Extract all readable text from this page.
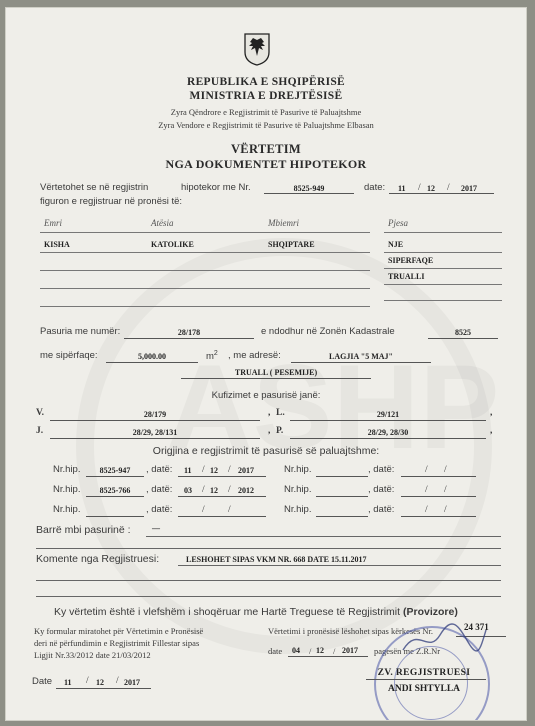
REPUBLIKA E SHQIPËRISË
MINISTRIA E DREJTËSISË
Zyra Qëndrore e Regjistrimit të Pasurive të Paluajtshme
Zyra Vendore e Regjistrimit të Pasurive të Paluajtshme Elbasan
VËRTETIM
NGA DOKUMENTET HIPOTEKOR
Vërtetohet se në regjistrin	hipotekor me Nr.	8525-949	date: 11 / 12 / 2017
figuron e regjistruar në pronësi të:
Emri	Atësia	Mbiemri	Pjesa
KISHA	KATOLIKE	SHQIPTARE	NJE
SIPERFAQE
TRUALLI
Pasuria me numër:	28/178	e ndodhur në Zonën Kadastrale	8525
me sipërfaqe:	5,000.00	$m^2$ , me adresë:	LAGJIA "5 MAJ"
TRUALL ( PESEMIJE)
Kufizimet e pasurisë janë:
V.	28/179	, L.	29/121	,
J.	28/29, 28/131	, P.	28/29, 28/30	,
Origjina e regjistrimit të pasurisë së paluajtshme:
Nr.hip.	8525-947	, datë: 11 / 12 / 2017	Nr.hip.	, datë:	/ /
Nr.hip.	8525-766	, datë: 03 / 12 / 2012	Nr.hip.	, datë:	/ /
Nr.hip.	, datë:	/ /	Nr.hip.	, datë:	/ /
Barrë mbi pasurinë :	—
Komente nga Regjistruesi:	LESHOHET SIPAS VKM NR. 668 DATE 15.11.2017
Ky vërtetim është i vlefshëm i shoqëruar me Hartë Treguese të Regjistrimit (Provizore)
Ky formular miratohet për Vërtetimin e Pronësisë
deri në përfundimin e Regjistrimit Fillestar sipas
Ligjit Nr.33/2012 date 21/03/2012
Vërtetimi i pronësisë lëshohet sipas kërkesës Nr.	24 371
date 04 / 12 / 2017 pagesën me Z.R.Nr
Date 11 / 12 / 2017
ZV. REGJISTRUESI
ANDI SHTYLLA
